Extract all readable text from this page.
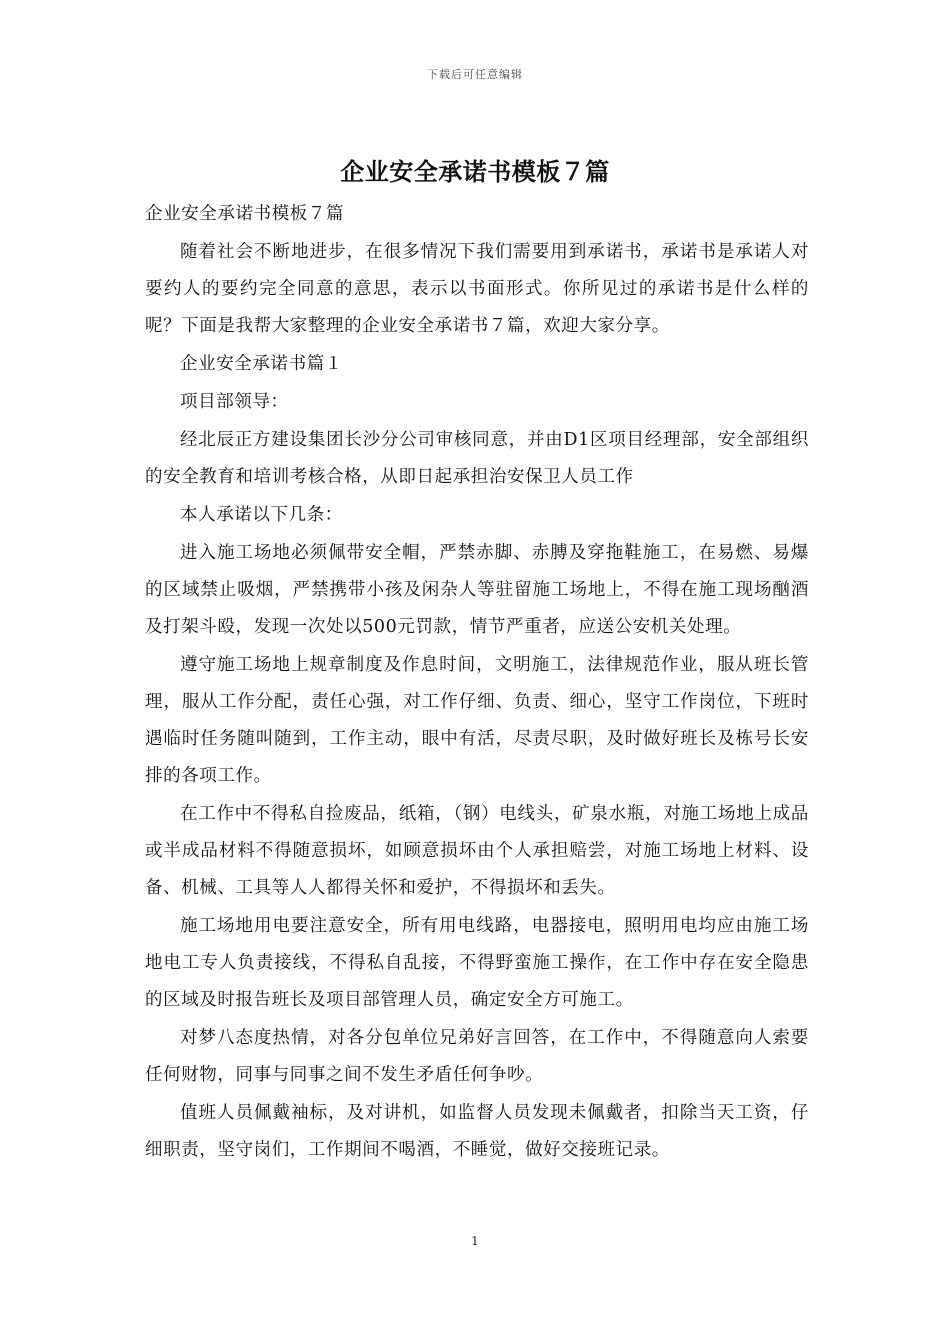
下载后可任意编辑
企业安全承诺书模板７篇

企业安全承诺书模板７篇

随着社会不断地进步，在很多情况下我们需要用到承诺书，承诺书是承诺人对要约人的要约完全同意的意思，表示以书面形式。你所见过的承诺书是什么样的呢？下面是我帮大家整理的企业安全承诺书７篇，欢迎大家分享。

企业安全承诺书篇１

项目部领导：

经北辰正方建设集团长沙分公司审核同意，并由D1区项目经理部，安全部组织的安全教育和培训考核合格，从即日起承担治安保卫人员工作

本人承诺以下几条：

进入施工场地必须佩带安全帽，严禁赤脚、赤膊及穿拖鞋施工，在易燃、易爆的区域禁止吸烟，严禁携带小孩及闲杂人等驻留施工场地上，不得在施工现场酗酒及打架斗殴，发现一次处以500元罚款，情节严重者，应送公安机关处理。

遵守施工场地上规章制度及作息时间，文明施工，法律规范作业，服从班长管理，服从工作分配，责任心强，对工作仔细、负责、细心，坚守工作岗位，下班时遇临时任务随叫随到，工作主动，眼中有活，尽责尽职，及时做好班长及栋号长安排的各项工作。

在工作中不得私自捡废品，纸箱，（钢）电线头，矿泉水瓶，对施工场地上成品或半成品材料不得随意损坏，如顾意损坏由个人承担赔尝，对施工场地上材料、设备、机械、工具等人人都得关怀和爱护，不得损坏和丢失。

施工场地用电要注意安全，所有用电线路，电器接电，照明用电均应由施工场地电工专人负责接线，不得私自乱接，不得野蛮施工操作，在工作中存在安全隐患的区域及时报告班长及项目部管理人员，确定安全方可施工。

对梦八态度热情，对各分包单位兄弟好言回答，在工作中，不得随意向人索要任何财物，同事与同事之间不发生矛盾任何争吵。

值班人员佩戴袖标，及对讲机，如监督人员发现未佩戴者，扣除当天工资，仔细职责，坚守岗们，工作期间不喝酒，不睡觉，做好交接班记录。

1
